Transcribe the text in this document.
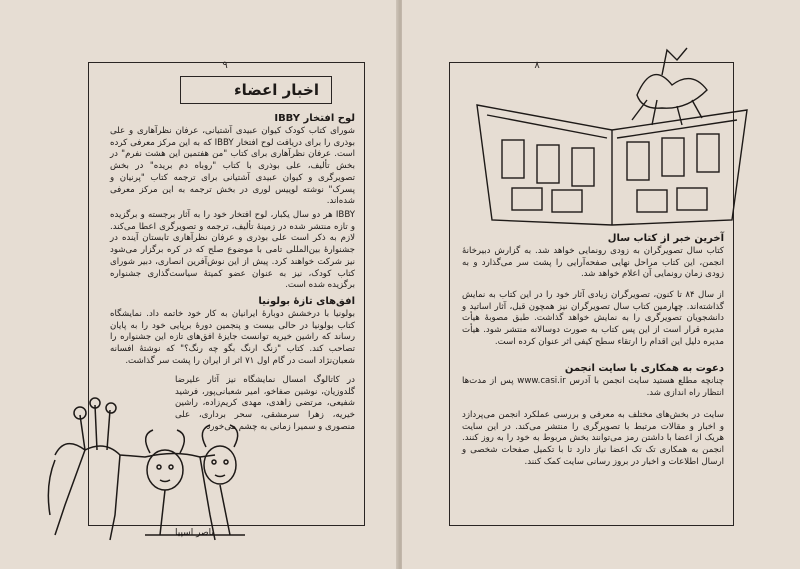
۹
اخبار اعضاء
لوح افتخار IBBY
شورای کتاب کودک کیوان عبیدی آشتیانی، عرفان نظرآهاری و علی بوذری را برای دریافت لوح افتخار IBBY که به این مرکز معرفی کرده است. عرفان نظرآهاری برای کتاب "من هفتمین این هشت نفرم" در بخش تألیف، علی بوذری با کتاب "روباه دم بریده" در بخش تصویرگری و کیوان عبیدی آشتیانی برای ترجمه کتاب "پرنیان و پسرک" نوشته لوییس لوری در بخش ترجمه به این مرکز معرفی شده‌اند.
IBBY هر دو سال یکبار، لوح افتخار خود را به آثار برجسته و برگزیده و تازه منتشر شده در زمینهٔ تألیف، ترجمه و تصویرگری اعطا می‌کند. لازم به ذکر است علی بوذری و عرفان نظرآهاری تابستان آینده در جشنوارهٔ بین‌المللی تامی با موضوع صلح که در کره برگزار می‌شود نیز شرکت خواهند کرد. پیش از این نوش‌آفرین انصاری، دبیر شورای کتاب کودک، نیز به عنوان عضو کمیتهٔ سیاست‌گذاری جشنواره برگزیده شده است.
افق‌های تازهٔ بولونیا
بولونیا با درخشش دوبارهٔ ایرانیان به کار خود خاتمه داد. نمایشگاه کتاب بولونیا در حالی بیست و پنجمین دورهٔ برپایی خود را به پایان رساند که راشین خیریه توانست جایزهٔ افق‌های تازه این جشنواره را تصاحب کند. کتاب "زنگ ارنگ بگو چه رنگ؟" که نوشتهٔ افسانه شعبان‌نژاد است در گام اول ۷۱ اثر از ایران را پشت سر گذاشت.
در کاتالوگ امسال نمایشگاه نیز آثار علیرضا گلدوزیان، نوشین صفاخو، امیر شعبانی‌پور، فرشید شفیعی، مرتضی زاهدی، مهدی کریم‌زاده، راشین خیریه، زهرا سرمشقی، سحر برداری، علی منصوری و سمیرا زمانی به چشم می‌خورد.
ناصر اسپیا
۸
آخرین خبر از کتاب سال
کتاب سال تصویرگران به زودی رونمایی خواهد شد. به گزارش دبیرخانهٔ انجمن، این کتاب مراحل نهایی صفحه‌آرایی را پشت سر می‌گذارد و به زودی زمان رونمایی آن اعلام خواهد شد.
از سال ۸۴ تا کنون، تصویرگران زیادی آثار خود را در این کتاب به نمایش گذاشته‌اند. چهارمین کتاب سال تصویرگران نیز همچون قبل، آثار اساتید و دانشجویان تصویرگری را به نمایش خواهد گذاشت. طبق مصوبهٔ هیأت مدیره قرار است از این پس کتاب به صورت دوسالانه منتشر شود. هیأت مدیره دلیل این اقدام را ارتقاء سطح کیفی اثر عنوان کرده است.
دعوت به همکاری با سایت انجمن
چنانچه مطلع هستید سایت انجمن با آدرس www.casi.ir پس از مدت‌ها انتظار راه اندازی شد.
سایت در بخش‌های مختلف به معرفی و بررسی عملکرد انجمن می‌پردازد و اخبار و مقالات مرتبط با تصویرگری را منتشر می‌کند. در این سایت هریک از اعضا با داشتن رمز می‌توانند بخش مربوط به خود را به روز کنند. انجمن به همکاری تک تک اعضا نیاز دارد تا با تکمیل صفحات شخصی و ارسال اطلاعات و اخبار در بروز رسانی سایت کمک کنند.
